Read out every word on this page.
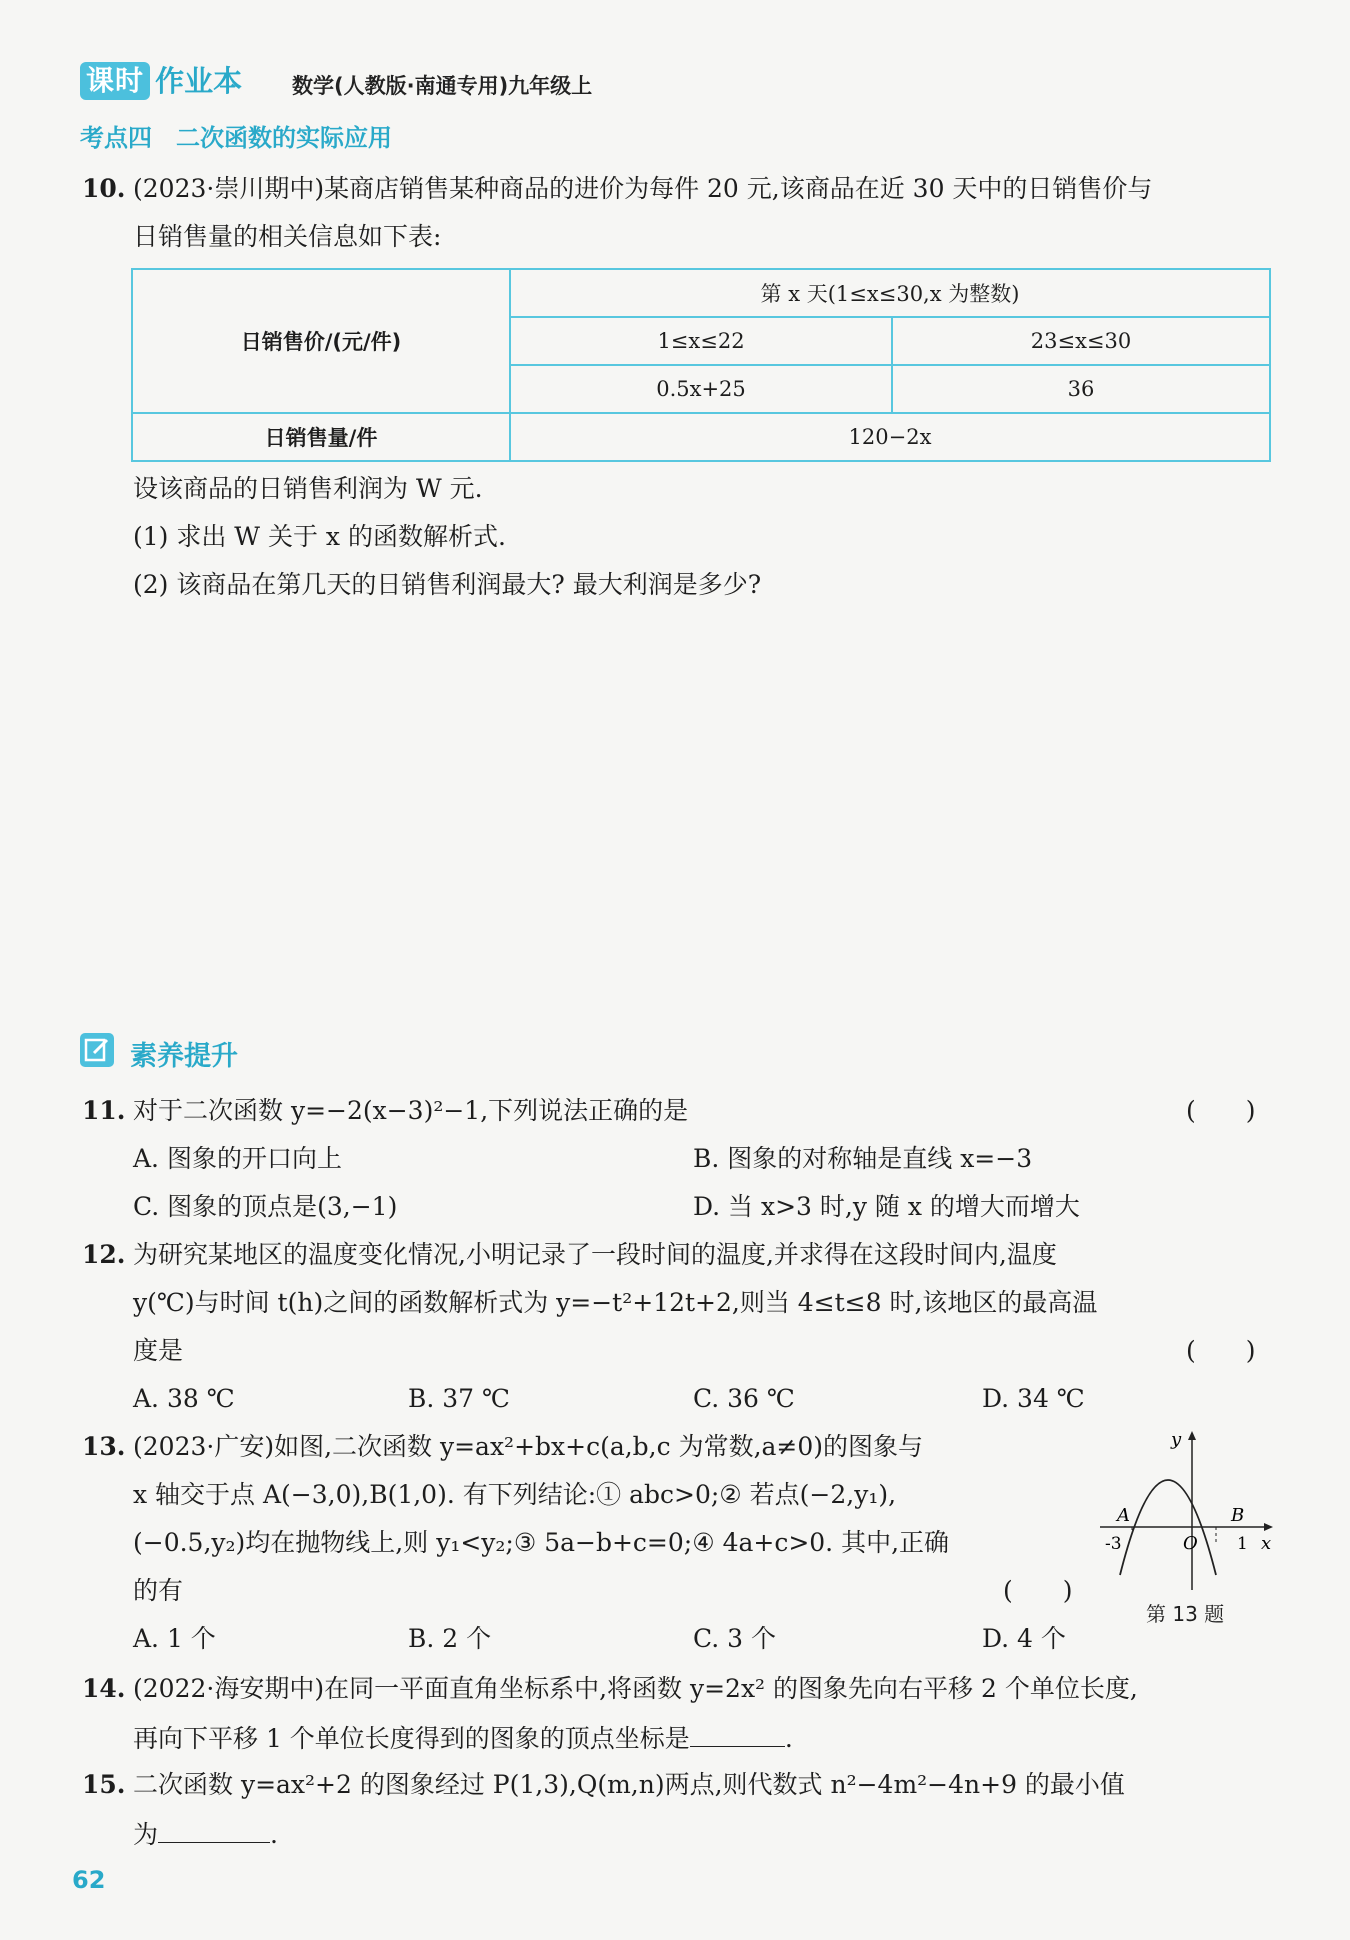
课时 作业本 数学(人教版·南通专用)九年级上
考点四　二次函数的实际应用
10. (2023·崇川期中)某商店销售某种商品的进价为每件 20 元,该商品在近 30 天中的日销售价与
日销售量的相关信息如下表:
日销售价/(元/件)	第 x 天(1≤x≤30,x 为整数)	
	1≤x≤22	23≤x≤30
	0.5x+25	36
日销售量/件	120−2x	
设该商品的日销售利润为 W 元.
(1) 求出 W 关于 x 的函数解析式.
(2) 该商品在第几天的日销售利润最大? 最大利润是多少?
素养提升
11. 对于二次函数 y=−2(x−3)²−1,下列说法正确的是	(　　)
A. 图象的开口向上	B. 图象的对称轴是直线 x=−3
C. 图象的顶点是(3,−1)	D. 当 x>3 时,y 随 x 的增大而增大
12. 为研究某地区的温度变化情况,小明记录了一段时间的温度,并求得在这段时间内,温度
y(℃)与时间 t(h)之间的函数解析式为 y=−t²+12t+2,则当 4≤t≤8 时,该地区的最高温
度是	(　　)
A. 38 ℃	B. 37 ℃	C. 36 ℃	D. 34 ℃
13. (2023·广安)如图,二次函数 y=ax²+bx+c(a,b,c 为常数,a≠0)的图象与
x 轴交于点 A(−3,0),B(1,0). 有下列结论:① abc>0;② 若点(−2,y₁),
(−0.5,y₂)均在抛物线上,则 y₁<y₂;③ 5a−b+c=0;④ 4a+c>0. 其中,正确
的有	(　　)
A. 1 个	B. 2 个	C. 3 个	D. 4 个
y
x
A	B
O
-3	1
第 13 题
14. (2022·海安期中)在同一平面直角坐标系中,将函数 y=2x² 的图象先向右平移 2 个单位长度,
再向下平移 1 个单位长度得到的图象的顶点坐标是	.
15. 二次函数 y=ax²+2 的图象经过 P(1,3),Q(m,n)两点,则代数式 n²−4m²−4n+9 的最小值
为	.
62
